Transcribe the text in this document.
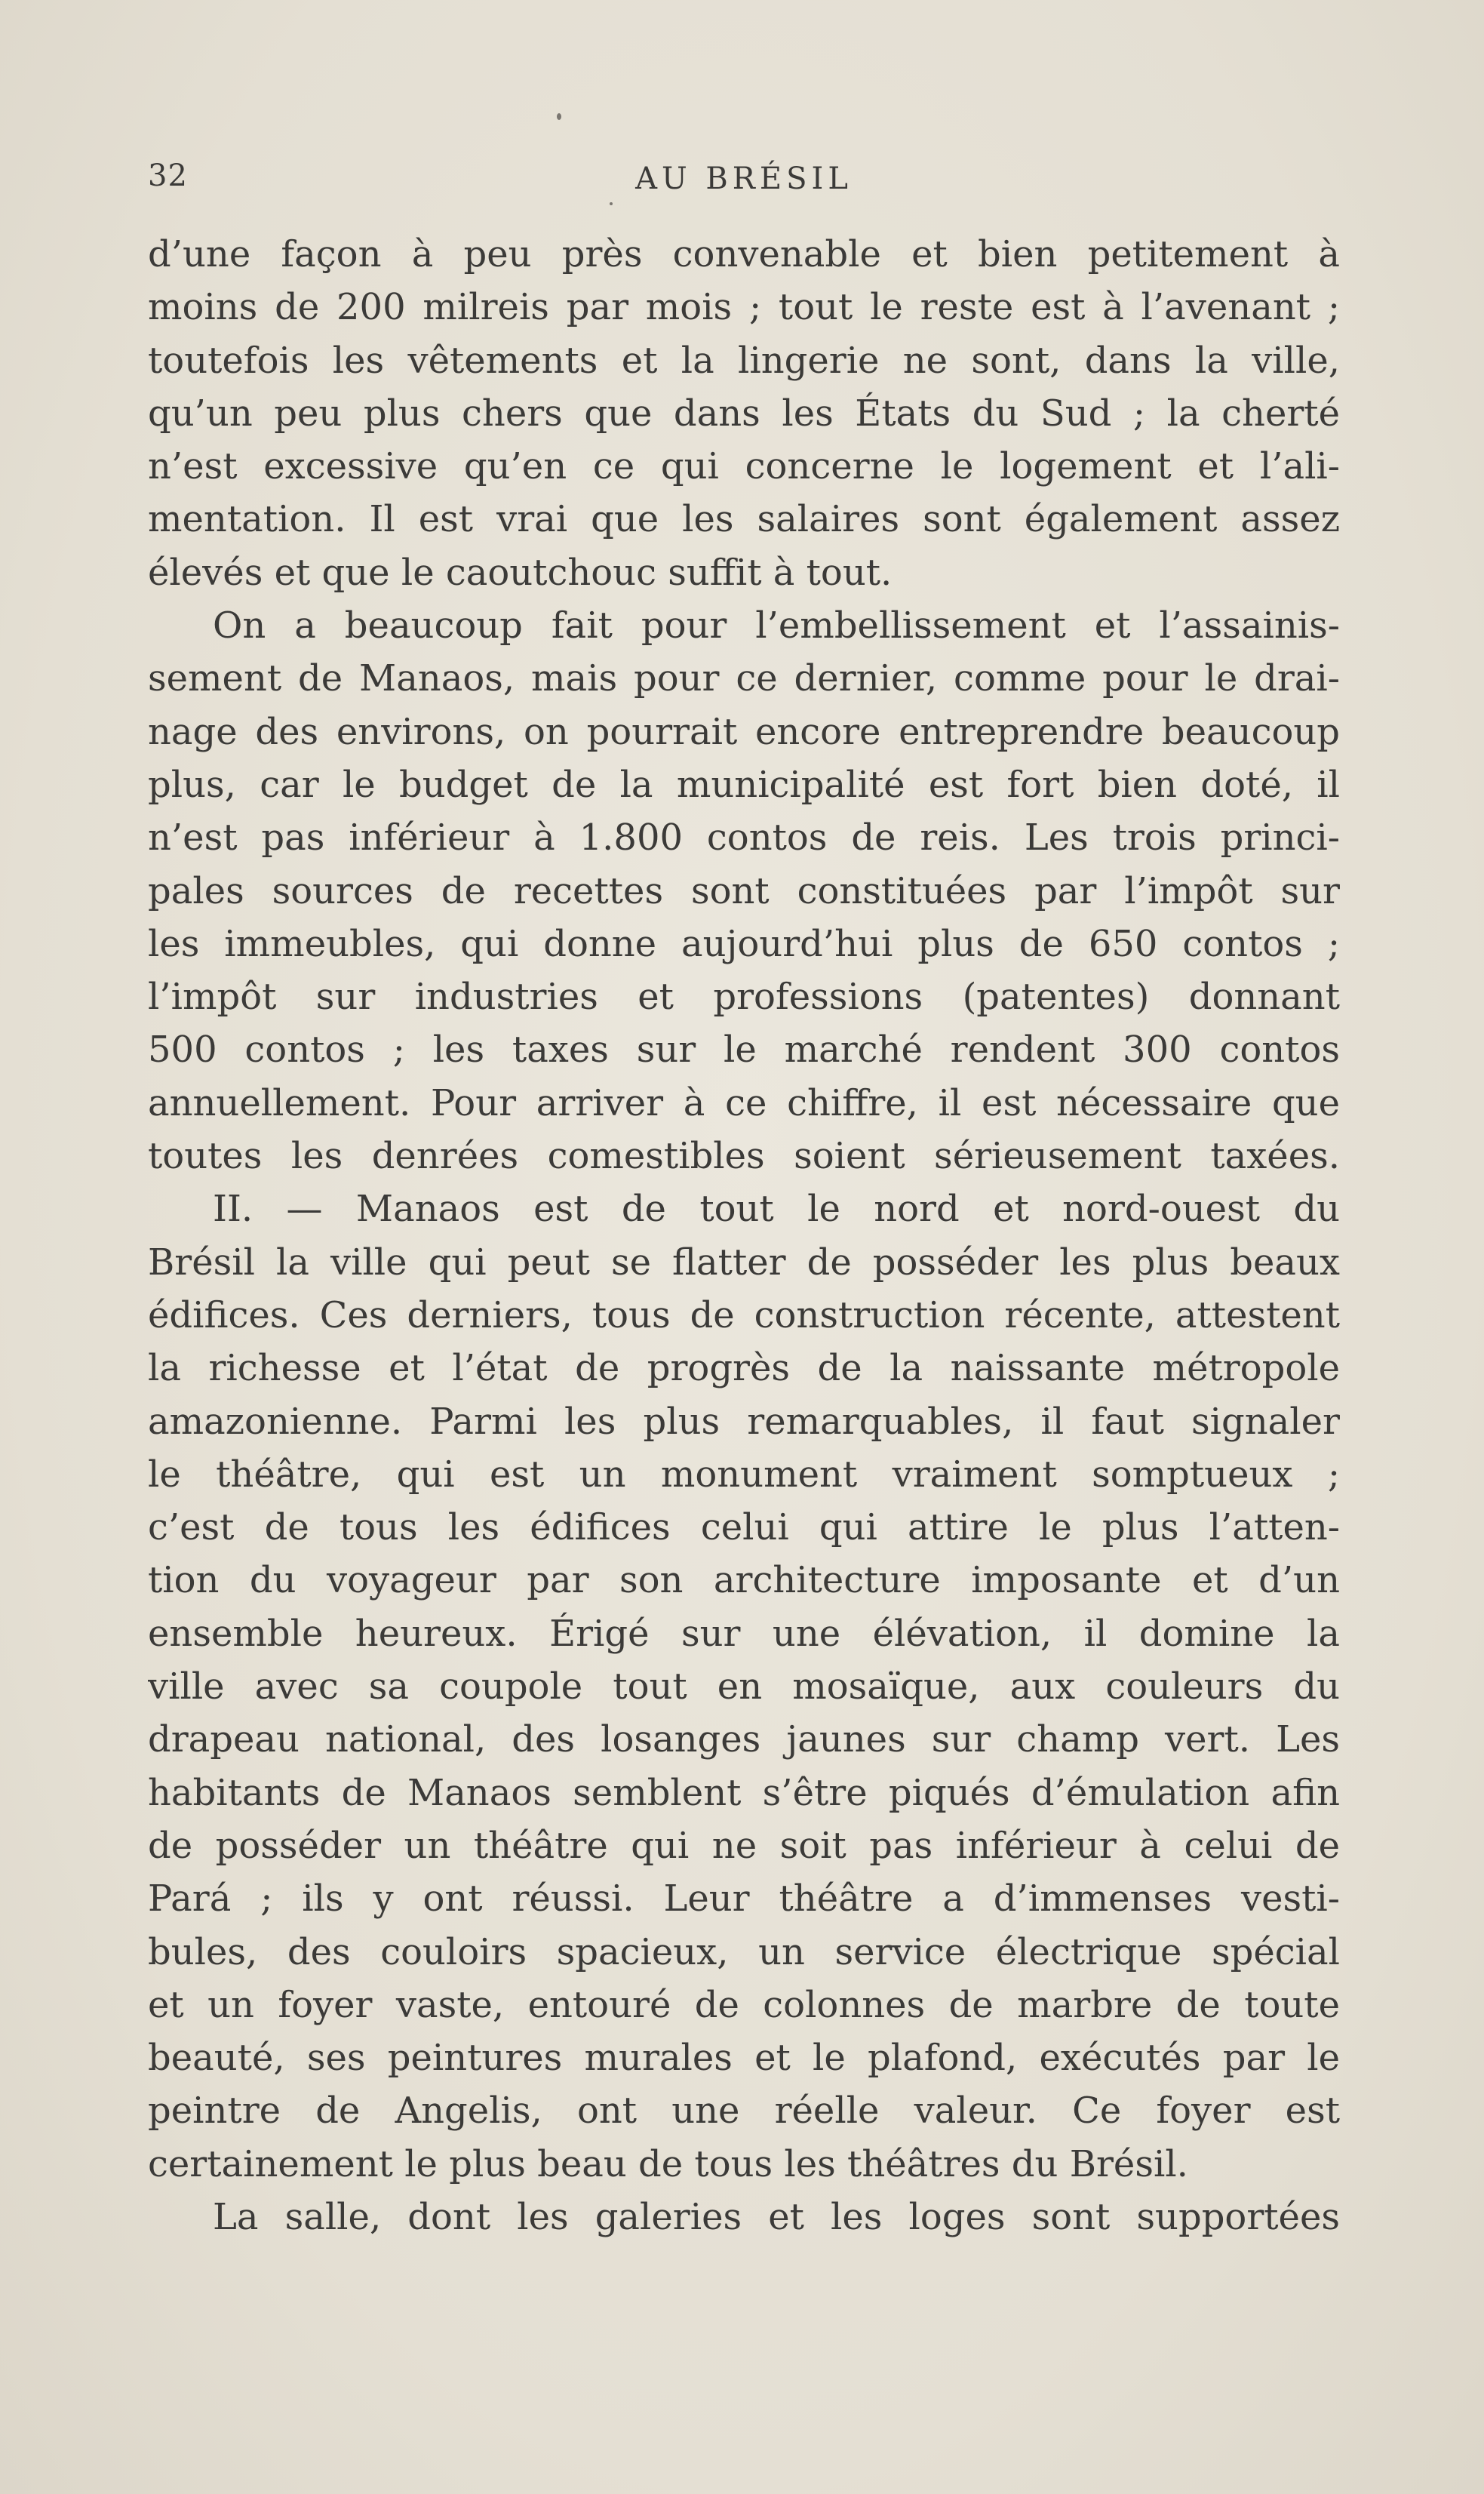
32	AU BRÉSIL
d’une façon à peu près convenable et bien petitement à
moins de 200 milreis par mois ; tout le reste est à l’avenant ;
toutefois les vêtements et la lingerie ne sont, dans la ville,
qu’un peu plus chers que dans les États du Sud ; la cherté
n’est excessive qu’en ce qui concerne le logement et l’ali-
mentation. Il est vrai que les salaires sont également assez
élevés et que le caoutchouc suffit à tout.
On a beaucoup fait pour l’embellissement et l’assainis-
sement de Manaos, mais pour ce dernier, comme pour le drai-
nage des environs, on pourrait encore entreprendre beaucoup
plus, car le budget de la municipalité est fort bien doté, il
n’est pas inférieur à 1.800 contos de reis. Les trois princi-
pales sources de recettes sont constituées par l’impôt sur
les immeubles, qui donne aujourd’hui plus de 650 contos ;
l’impôt sur industries et professions (patentes) donnant
500 contos ; les taxes sur le marché rendent 300 contos
annuellement. Pour arriver à ce chiffre, il est nécessaire que
toutes les denrées comestibles soient sérieusement taxées.
II. — Manaos est de tout le nord et nord-ouest du
Brésil la ville qui peut se flatter de posséder les plus beaux
édifices. Ces derniers, tous de construction récente, attestent
la richesse et l’état de progrès de la naissante métropole
amazonienne. Parmi les plus remarquables, il faut signaler
le théâtre, qui est un monument vraiment somptueux ;
c’est de tous les édifices celui qui attire le plus l’atten-
tion du voyageur par son architecture imposante et d’un
ensemble heureux. Érigé sur une élévation, il domine la
ville avec sa coupole tout en mosaïque, aux couleurs du
drapeau national, des losanges jaunes sur champ vert. Les
habitants de Manaos semblent s’être piqués d’émulation afin
de posséder un théâtre qui ne soit pas inférieur à celui de
Pará ; ils y ont réussi. Leur théâtre a d’immenses vesti-
bules, des couloirs spacieux, un service électrique spécial
et un foyer vaste, entouré de colonnes de marbre de toute
beauté, ses peintures murales et le plafond, exécutés par le
peintre de Angelis, ont une réelle valeur. Ce foyer est
certainement le plus beau de tous les théâtres du Brésil.
La salle, dont les galeries et les loges sont supportées
